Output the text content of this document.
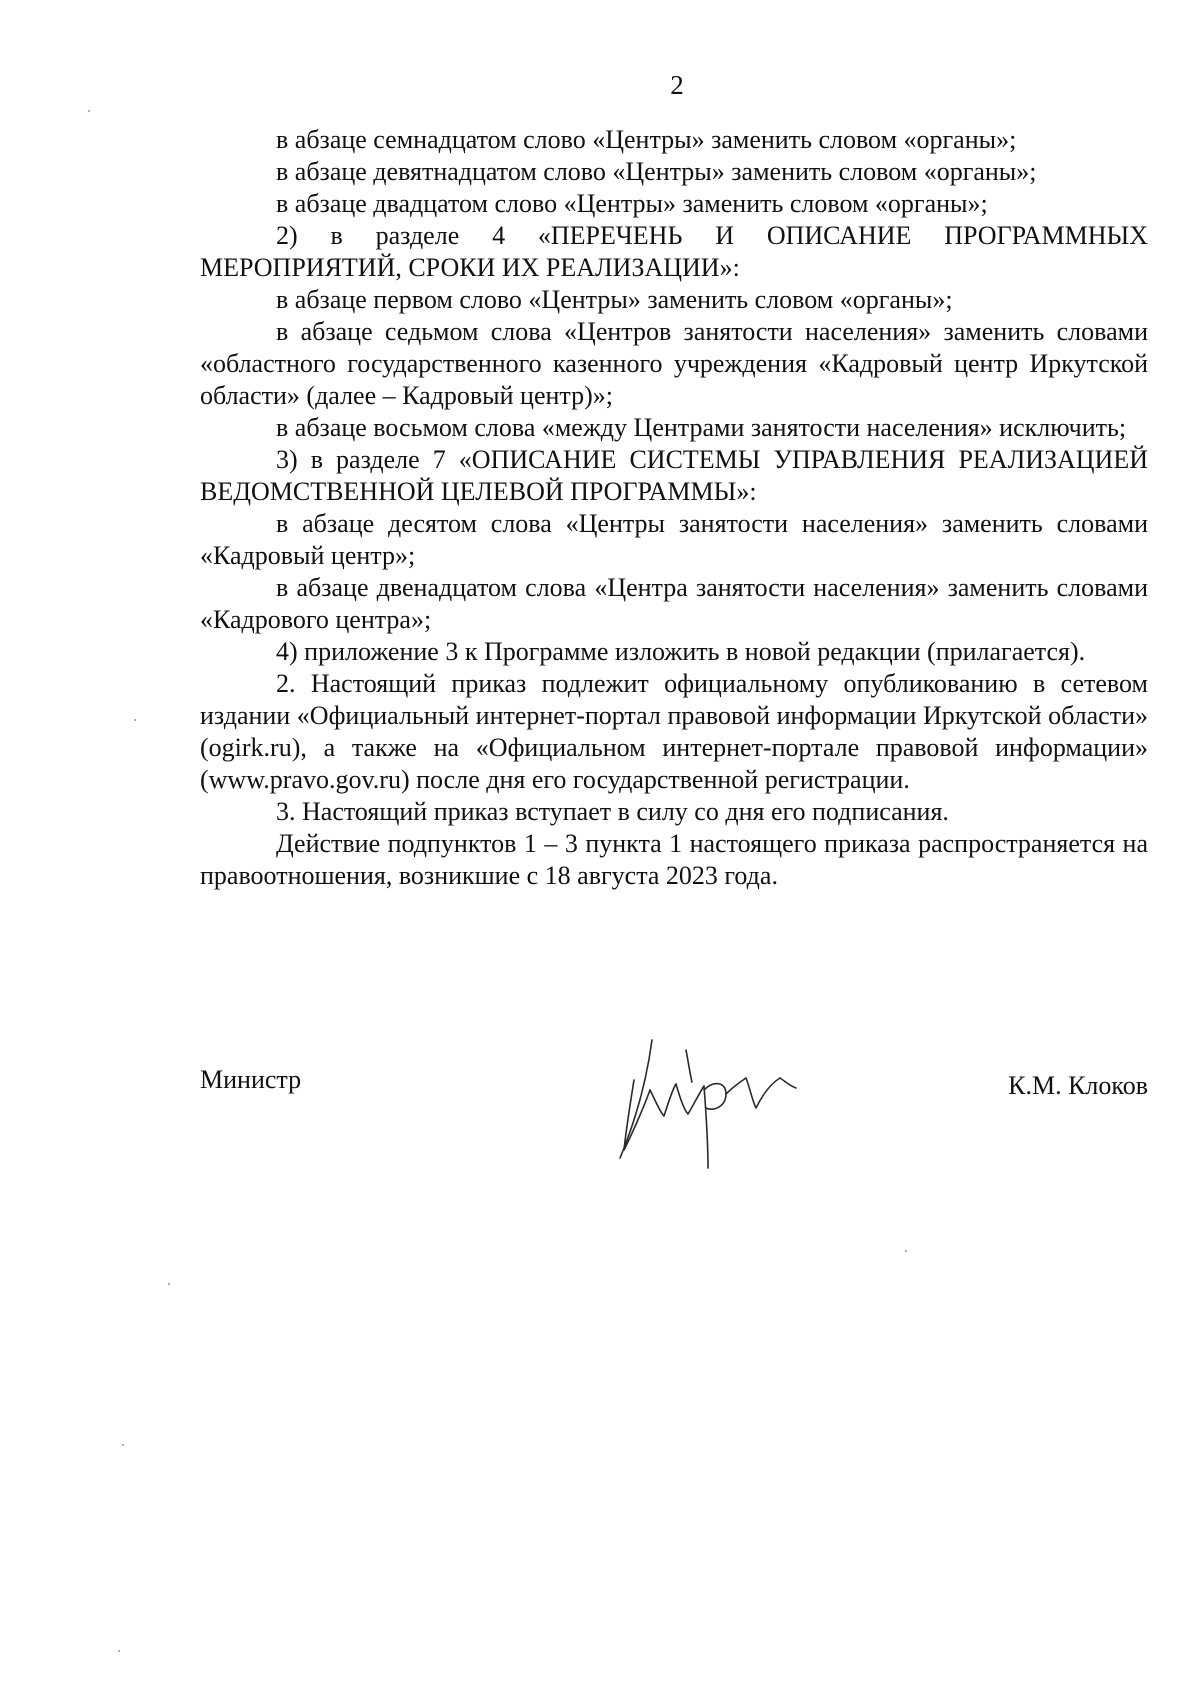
2

в абзаце семнадцатом слово «Центры» заменить словом «органы»;

в абзаце девятнадцатом слово «Центры» заменить словом «органы»;

в абзаце двадцатом слово «Центры» заменить словом «органы»;

2) в разделе 4 «ПЕРЕЧЕНЬ И ОПИСАНИЕ ПРОГРАММНЫХ МЕРОПРИЯТИЙ, СРОКИ ИХ РЕАЛИЗАЦИИ»:

в абзаце первом слово «Центры» заменить словом «органы»;

в абзаце седьмом слова «Центров занятости населения» заменить словами «областного государственного казенного учреждения «Кадровый центр Иркутской области» (далее – Кадровый центр)»;

в абзаце восьмом слова «между Центрами занятости населения» исключить;

3) в разделе 7 «ОПИСАНИЕ СИСТЕМЫ УПРАВЛЕНИЯ РЕАЛИЗАЦИЕЙ ВЕДОМСТВЕННОЙ ЦЕЛЕВОЙ ПРОГРАММЫ»:

в абзаце десятом слова «Центры занятости населения» заменить словами «Кадровый центр»;

в абзаце двенадцатом слова «Центра занятости населения» заменить словами «Кадрового центра»;

4) приложение 3 к Программе изложить в новой редакции (прилагается).

2. Настоящий приказ подлежит официальному опубликованию в сетевом издании «Официальный интернет-портал правовой информации Иркутской области» (ogirk.ru), а также на «Официальном интернет-портале правовой информации» (www.pravo.gov.ru) после дня его государственной регистрации.

3. Настоящий приказ вступает в силу со дня его подписания.

Действие подпунктов 1 – 3 пункта 1 настоящего приказа распространяется на правоотношения, возникшие с 18 августа 2023 года.

Министр	К.М. Клоков
